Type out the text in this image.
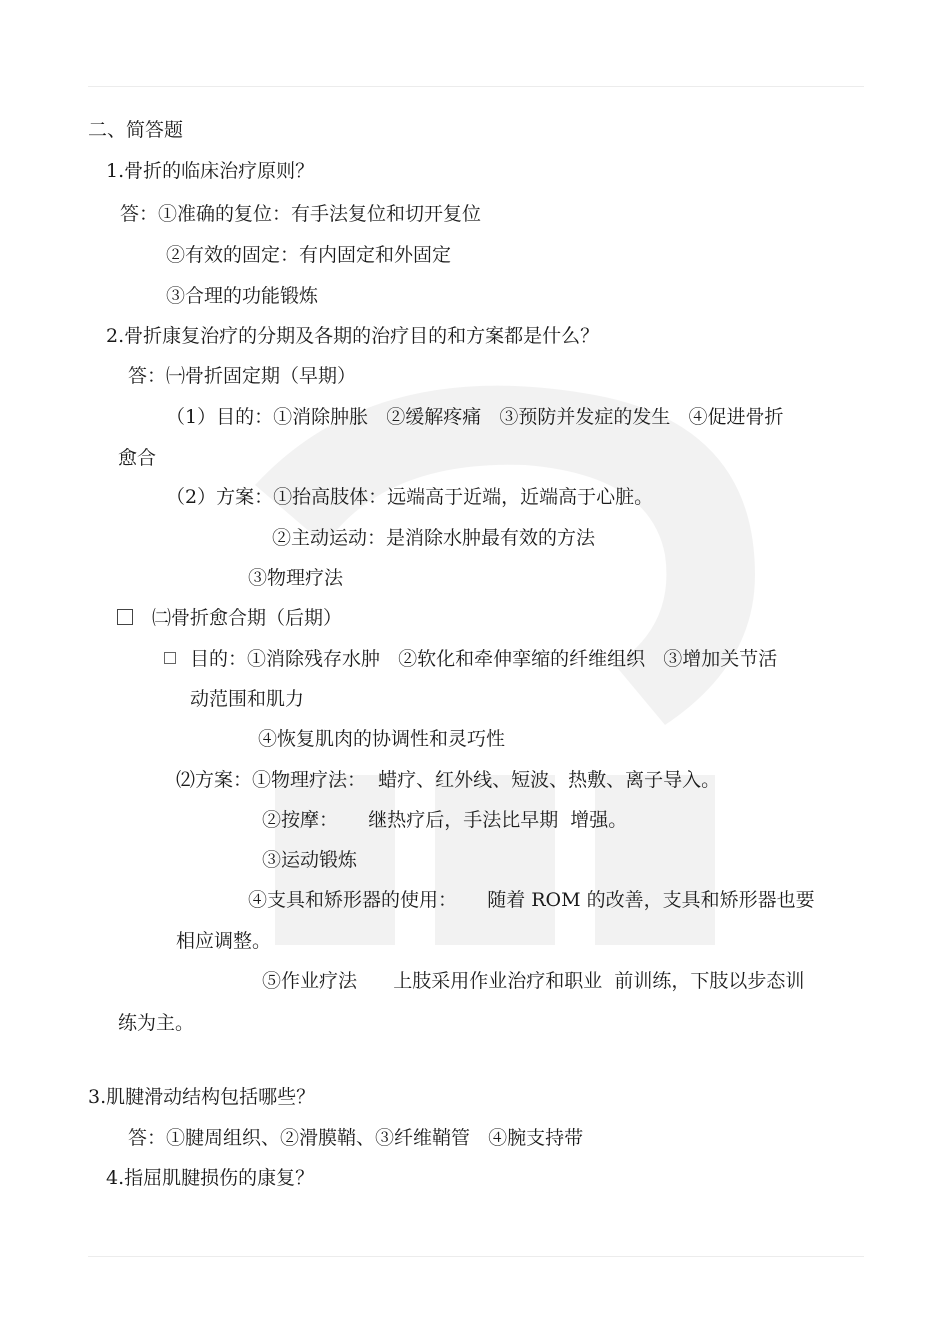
二、简答题
1.骨折的临床治疗原则？
答：①准确的复位：有手法复位和切开复位
②有效的固定：有内固定和外固定
③合理的功能锻炼
2.骨折康复治疗的分期及各期的治疗目的和方案都是什么？
答：㈠骨折固定期（早期）
（1）目的：①消除肿胀   ②缓解疼痛   ③预防并发症的发生   ④促进骨折
愈合
（2）方案：①抬高肢体：远端高于近端，近端高于心脏。
②主动运动：是消除水肿最有效的方法
③物理疗法
㈡骨折愈合期（后期）
目的：①消除残存水肿   ②软化和牵伸挛缩的纤维组织   ③增加关节活
动范围和肌力
④恢复肌肉的协调性和灵巧性
⑵方案：①物理疗法：  蜡疗、红外线、短波、热敷、离子导入。
②按摩：     继热疗后，手法比早期  增强。
③运动锻炼
④支具和矫形器的使用：     随着 ROM 的改善，支具和矫形器也要
相应调整。
⑤作业疗法      上肢采用作业治疗和职业  前训练，下肢以步态训
练为主。
3.肌腱滑动结构包括哪些？
答：①腱周组织、②滑膜鞘、③纤维鞘管   ④腕支持带
4.指屈肌腱损伤的康复？
